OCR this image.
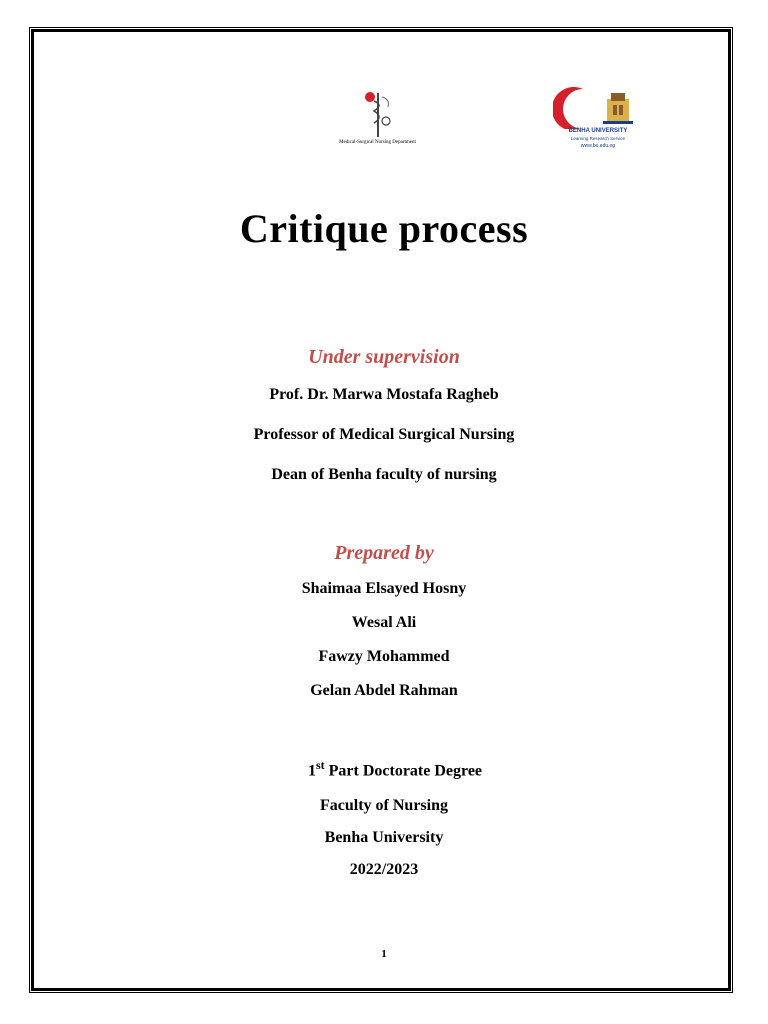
Medical-Surgical Nursing Department
BENHA UNIVERSITY
Learning Research Service
www.bu.edu.eg
Critique process
Under supervision
Prof. Dr. Marwa Mostafa Ragheb
Professor of Medical Surgical Nursing
Dean of Benha faculty of nursing
Prepared by
Shaimaa Elsayed Hosny
Wesal Ali
Fawzy Mohammed
Gelan Abdel Rahman
1st Part Doctorate Degree
Faculty of Nursing
Benha University
2022/2023
1
